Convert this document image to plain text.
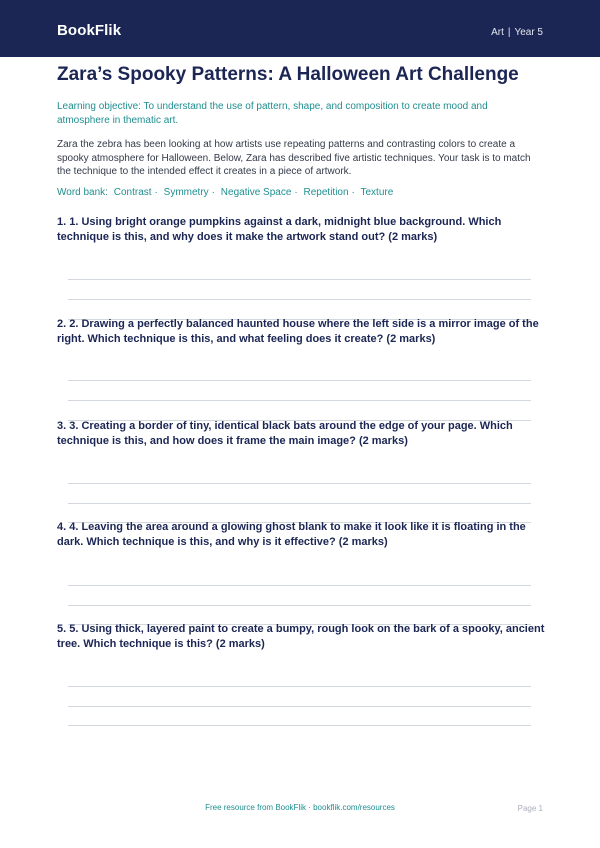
BookFlik	Art | Year 5
Zara’s Spooky Patterns: A Halloween Art Challenge
Learning objective: To understand the use of pattern, shape, and composition to create mood and atmosphere in thematic art.
Zara the zebra has been looking at how artists use repeating patterns and contrasting colors to create a spooky atmosphere for Halloween. Below, Zara has described five artistic techniques. Your task is to match the technique to the intended effect it creates in a piece of artwork.
Word bank: Contrast · Symmetry · Negative Space · Repetition · Texture
1. 1. Using bright orange pumpkins against a dark, midnight blue background. Which technique is this, and why does it make the artwork stand out? (2 marks)
2. 2. Drawing a perfectly balanced haunted house where the left side is a mirror image of the right. Which technique is this, and what feeling does it create? (2 marks)
3. 3. Creating a border of tiny, identical black bats around the edge of your page. Which technique is this, and how does it frame the main image? (2 marks)
4. 4. Leaving the area around a glowing ghost blank to make it look like it is floating in the dark. Which technique is this, and why is it effective? (2 marks)
5. 5. Using thick, layered paint to create a bumpy, rough look on the bark of a spooky, ancient tree. Which technique is this? (2 marks)
Free resource from BookFlik · bookflik.com/resources	Page 1
